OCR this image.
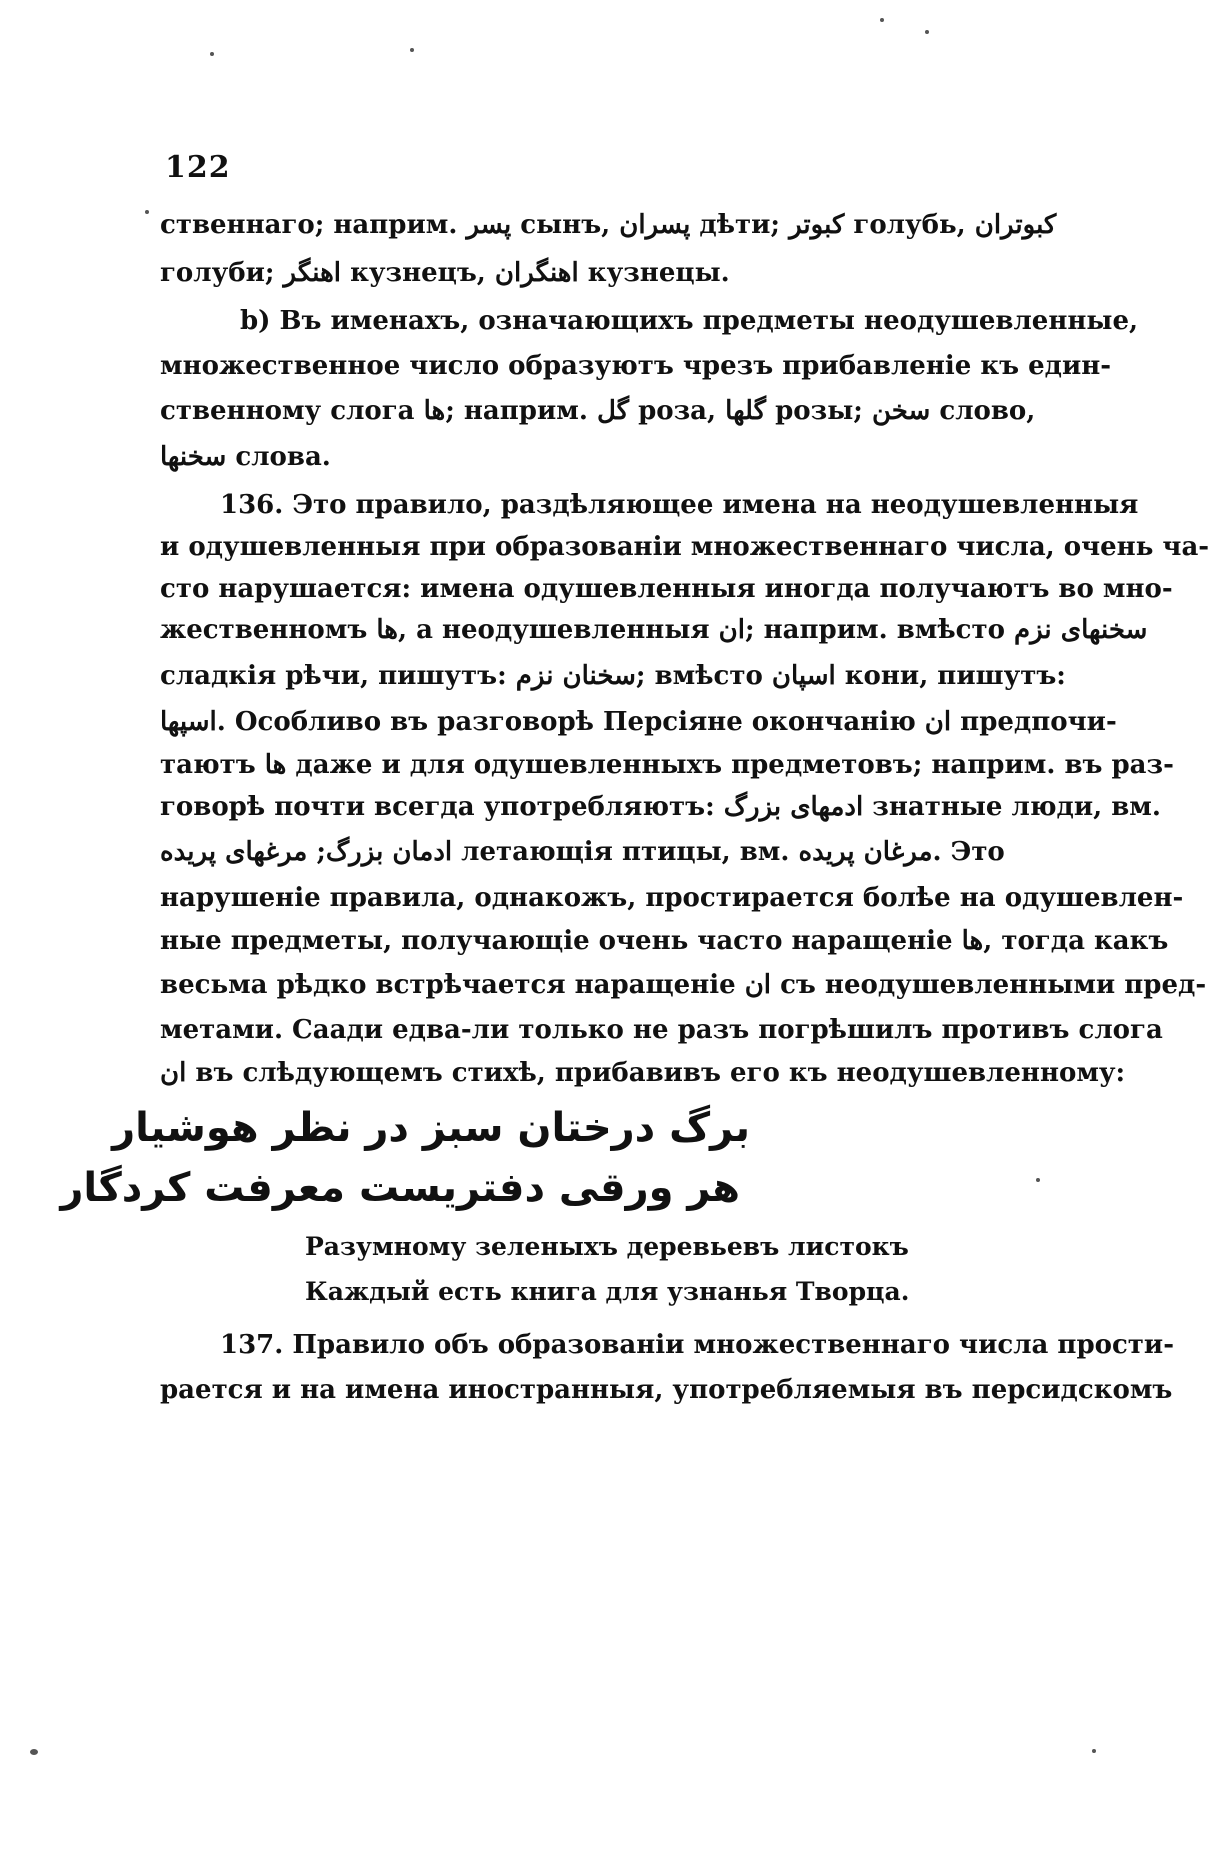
122
ственнаго; наприм. پسر сынъ, پسران дѣти; کبوتر голубь, کبوتران
голуби; اهنگر кузнецъ, اهنگران кузнецы.
b) Въ именахъ, означающихъ предметы неодушевленные,
множественное число образуютъ чрезъ прибавленіе къ един-
ственному слога ها; наприм. گل роза, گلها розы; سخن слово,
سخنها слова.
136. Это правило, раздѣляющее имена на неодушевленныя
и одушевленныя при образованіи множественнаго числа, очень ча-
сто нарушается: имена одушевленныя иногда получаютъ во мно-
жественномъ ها, а неодушевленныя ان; наприм. вмѣсто سخنهای نزم
сладкія рѣчи, пишутъ: سخنان نزم; вмѣсто اسپان кони, пишутъ:
اسپها. Особливо въ разговорѣ Персіяне окончанію ان предпочи-
таютъ ها даже и для одушевленныхъ предметовъ; наприм. въ раз-
говорѣ почти всегда употребляютъ: ادمهای بزرگ знатные люди, вм.
ادمان بزرگ; مرغهای پریده летающія птицы, вм. مرغان پریده. Это
нарушеніе правила, однакожъ, простирается болѣе на одушевлен-
ные предметы, получающіе очень часто наращеніе ها, тогда какъ
весьма рѣдко встрѣчается наращеніе ان съ неодушевленными пред-
метами. Саади едва-ли только не разъ погрѣшилъ противъ слога
ان въ слѣдующемъ стихѣ, прибавивъ его къ неодушевленному:
برگ درختان سبز در نظر هوشیار
هر ورقی دفتریست معرفت کردگار
Разумному зеленыхъ деревьевъ листокъ
Каждый есть книга для узнанья Творца.
137. Правило объ образованіи множественнаго числа прости-
рается и на имена иностранныя, употребляемыя въ персидскомъ
